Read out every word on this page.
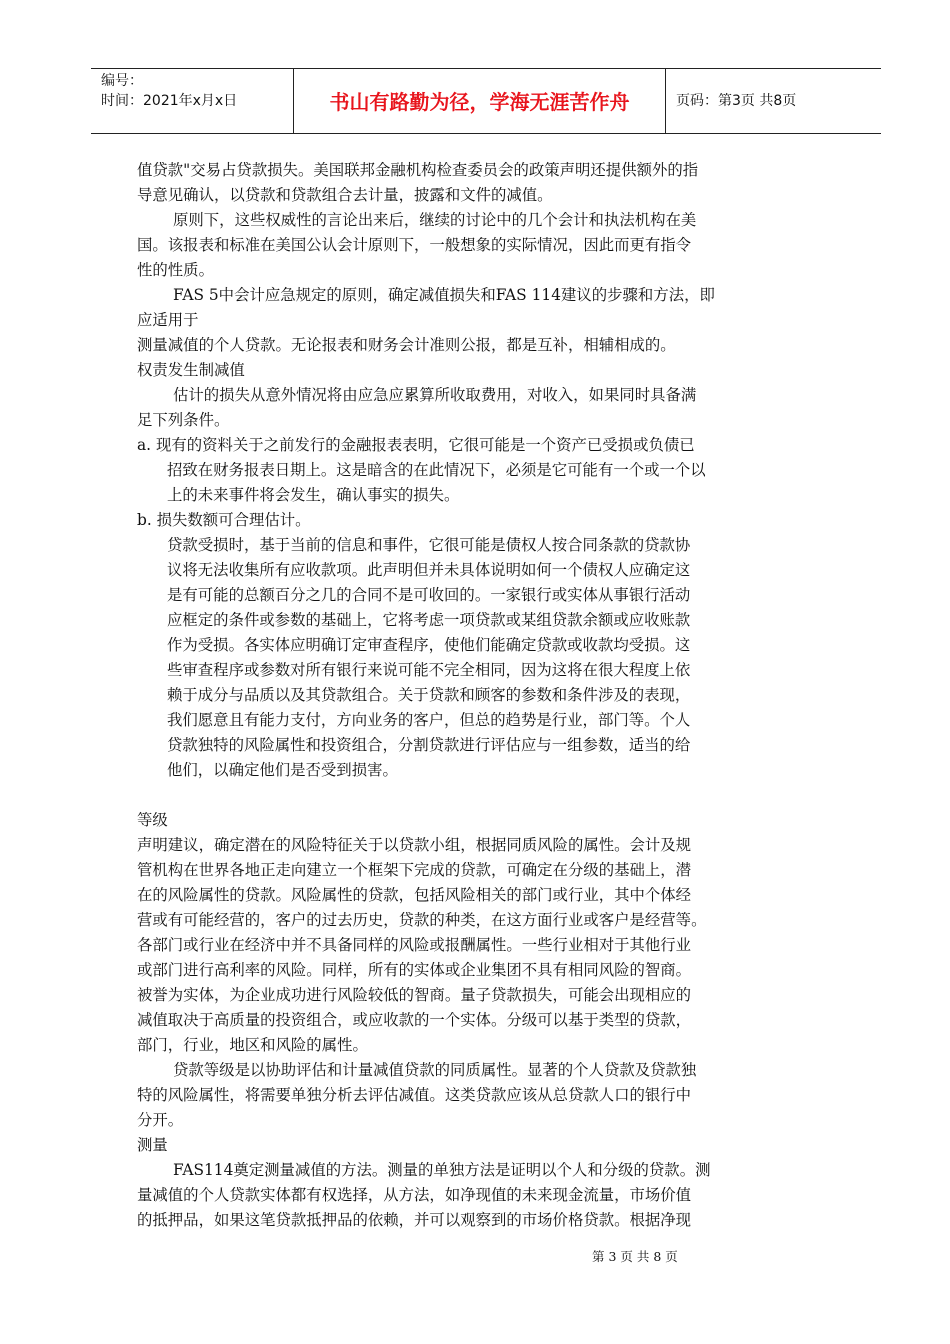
编号：
时间：2021年x月x日	书山有路勤为径，学海无涯苦作舟	页码：第3页 共8页

值贷款"交易占贷款损失。美国联邦金融机构检查委员会的政策声明还提供额外的指

导意见确认，以贷款和贷款组合去计量，披露和文件的减值。

原则下，这些权威性的言论出来后，继续的讨论中的几个会计和执法机构在美

国。该报表和标准在美国公认会计原则下，一般想象的实际情况，因此而更有指令

性的性质。

FAS 5中会计应急规定的原则，确定减值损失和FAS 114建议的步骤和方法，即

应适用于

测量减值的个人贷款。无论报表和财务会计准则公报，都是互补，相辅相成的。

权责发生制减值

估计的损失从意外情况将由应急应累算所收取费用，对收入，如果同时具备满

足下列条件。

a. 现有的资料关于之前发行的金融报表表明，它很可能是一个资产已受损或负债已

招致在财务报表日期上。这是暗含的在此情况下，必须是它可能有一个或一个以

上的未来事件将会发生，确认事实的损失。

b. 损失数额可合理估计。

贷款受损时，基于当前的信息和事件，它很可能是债权人按合同条款的贷款协

议将无法收集所有应收款项。此声明但并未具体说明如何一个债权人应确定这

是有可能的总额百分之几的合同不是可收回的。一家银行或实体从事银行活动

应框定的条件或参数的基础上，它将考虑一项贷款或某组贷款余额或应收账款

作为受损。各实体应明确订定审查程序，使他们能确定贷款或收款均受损。这

些审查程序或参数对所有银行来说可能不完全相同，因为这将在很大程度上依

赖于成分与品质以及其贷款组合。关于贷款和顾客的参数和条件涉及的表现，

我们愿意且有能力支付，方向业务的客户，但总的趋势是行业，部门等。个人

贷款独特的风险属性和投资组合，分割贷款进行评估应与一组参数，适当的给

他们，以确定他们是否受到损害。

等级

声明建议，确定潜在的风险特征关于以贷款小组，根据同质风险的属性。会计及规

管机构在世界各地正走向建立一个框架下完成的贷款，可确定在分级的基础上，潜

在的风险属性的贷款。风险属性的贷款，包括风险相关的部门或行业，其中个体经

营或有可能经营的，客户的过去历史，贷款的种类，在这方面行业或客户是经营等。

各部门或行业在经济中并不具备同样的风险或报酬属性。一些行业相对于其他行业

或部门进行高利率的风险。同样，所有的实体或企业集团不具有相同风险的智商。

被誉为实体，为企业成功进行风险较低的智商。量子贷款损失，可能会出现相应的

减值取决于高质量的投资组合，或应收款的一个实体。分级可以基于类型的贷款，

部门，行业，地区和风险的属性。

贷款等级是以协助评估和计量减值贷款的同质属性。显著的个人贷款及贷款独

特的风险属性，将需要单独分析去评估减值。这类贷款应该从总贷款人口的银行中

分开。

测量

FAS114奠定测量减值的方法。测量的单独方法是证明以个人和分级的贷款。测

量减值的个人贷款实体都有权选择，从方法，如净现值的未来现金流量，市场价值

的抵押品，如果这笔贷款抵押品的依赖，并可以观察到的市场价格贷款。根据净现

第 3 页 共 8 页
